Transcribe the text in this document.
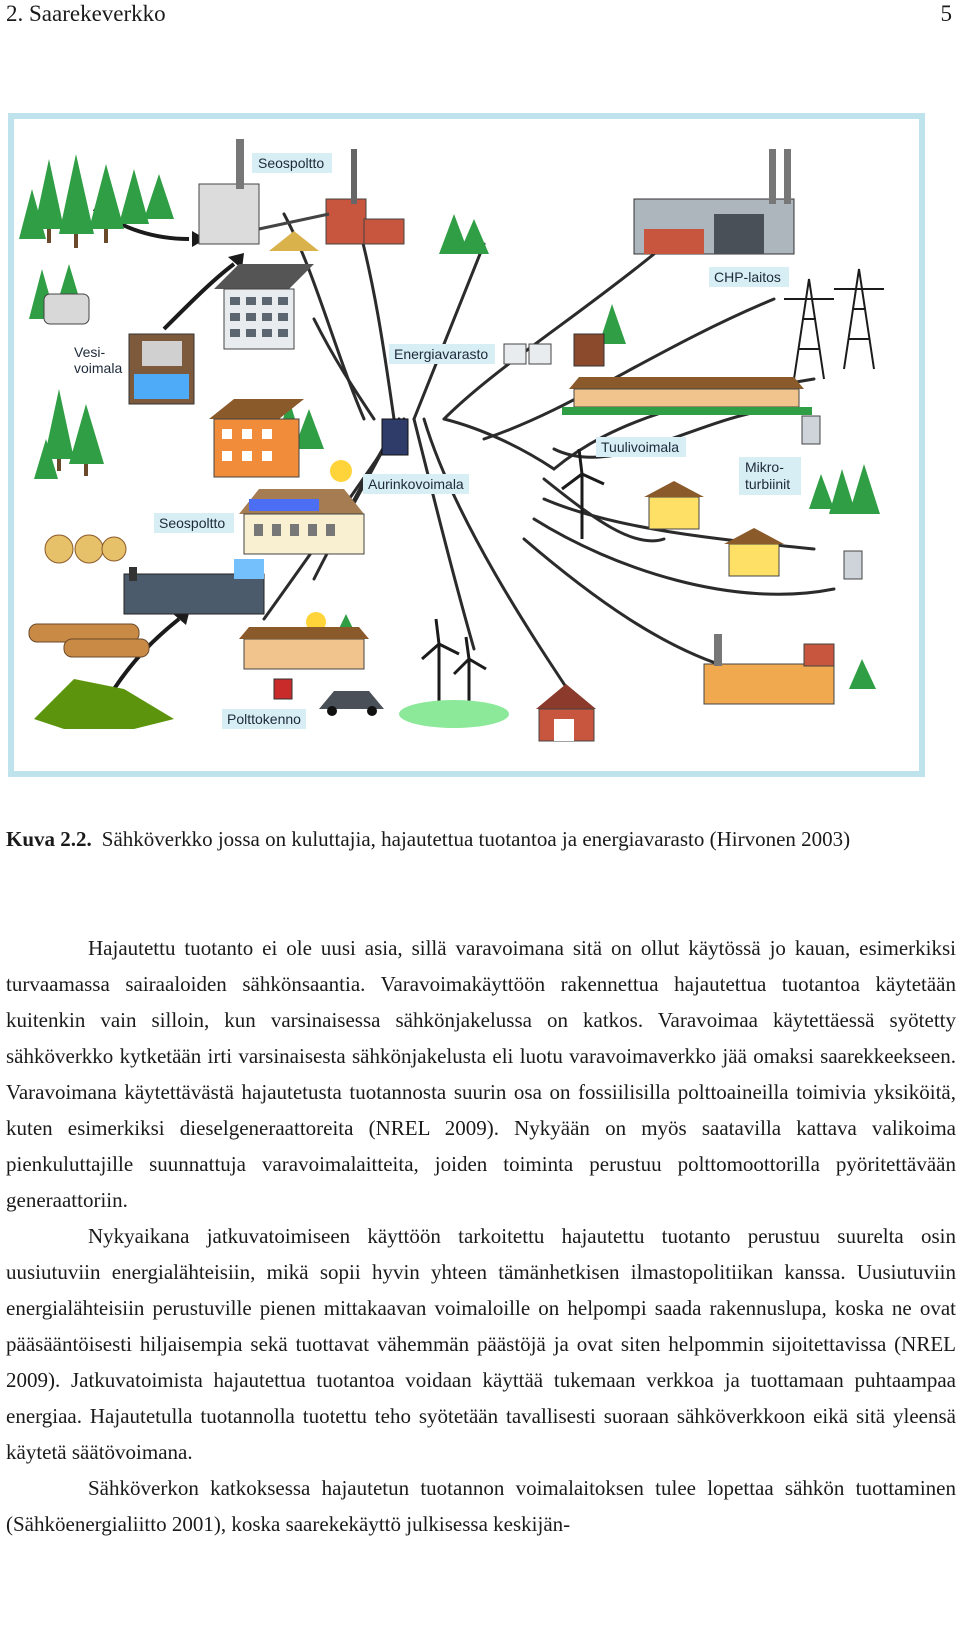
2. Saarekeverkko	5
Seospoltto
CHP-laitos
Vesi-
voimala
Energiavarasto
Tuulivoimala
Mikro-
turbiinit
Aurinkovoimala
Seospoltto
Polttokenno
Kuva 2.2. Sähköverkko jossa on kuluttajia, hajautettua tuotantoa ja energiavarasto (Hirvonen 2003)

Hajautettu tuotanto ei ole uusi asia, sillä varavoimana sitä on ollut käytössä jo kauan, esimerkiksi turvaamassa sairaaloiden sähkönsaantia. Varavoimakäyttöön rakennettua hajautettua tuotantoa käytetään kuitenkin vain silloin, kun varsinaisessa sähkönjakelussa on katkos. Varavoimaa käytettäessä syötetty sähköverkko kytketään irti varsinaisesta sähkönjakelusta eli luotu varavoimaverkko jää omaksi saarekkeekseen. Varavoimana käytettävästä hajautetusta tuotannosta suurin osa on fossiilisilla polttoaineilla toimivia yksiköitä, kuten esimerkiksi dieselgeneraattoreita (NREL 2009). Nykyään on myös saatavilla kattava valikoima pienkuluttajille suunnattuja varavoimalaitteita, joiden toiminta perustuu polttomoottorilla pyöritettävään generaattoriin.

Nykyaikana jatkuvatoimiseen käyttöön tarkoitettu hajautettu tuotanto perustuu suurelta osin uusiutuviin energialähteisiin, mikä sopii hyvin yhteen tämänhetkisen ilmastopolitiikan kanssa. Uusiutuviin energialähteisiin perustuville pienen mittakaavan voimaloille on helpompi saada rakennuslupa, koska ne ovat pääsääntöisesti hiljaisempia sekä tuottavat vähemmän päästöjä ja ovat siten helpommin sijoitettavissa (NREL 2009). Jatkuvatoimista hajautettua tuotantoa voidaan käyttää tukemaan verkkoa ja tuottamaan puhtaampaa energiaa. Hajautetulla tuotannolla tuotettu teho syötetään tavallisesti suoraan sähköverkkoon eikä sitä yleensä käytetä säätövoimana.

Sähköverkon katkoksessa hajautetun tuotannon voimalaitoksen tulee lopettaa sähkön tuottaminen (Sähköenergialiitto 2001), koska saarekekäyttö julkisessa keskijän-
